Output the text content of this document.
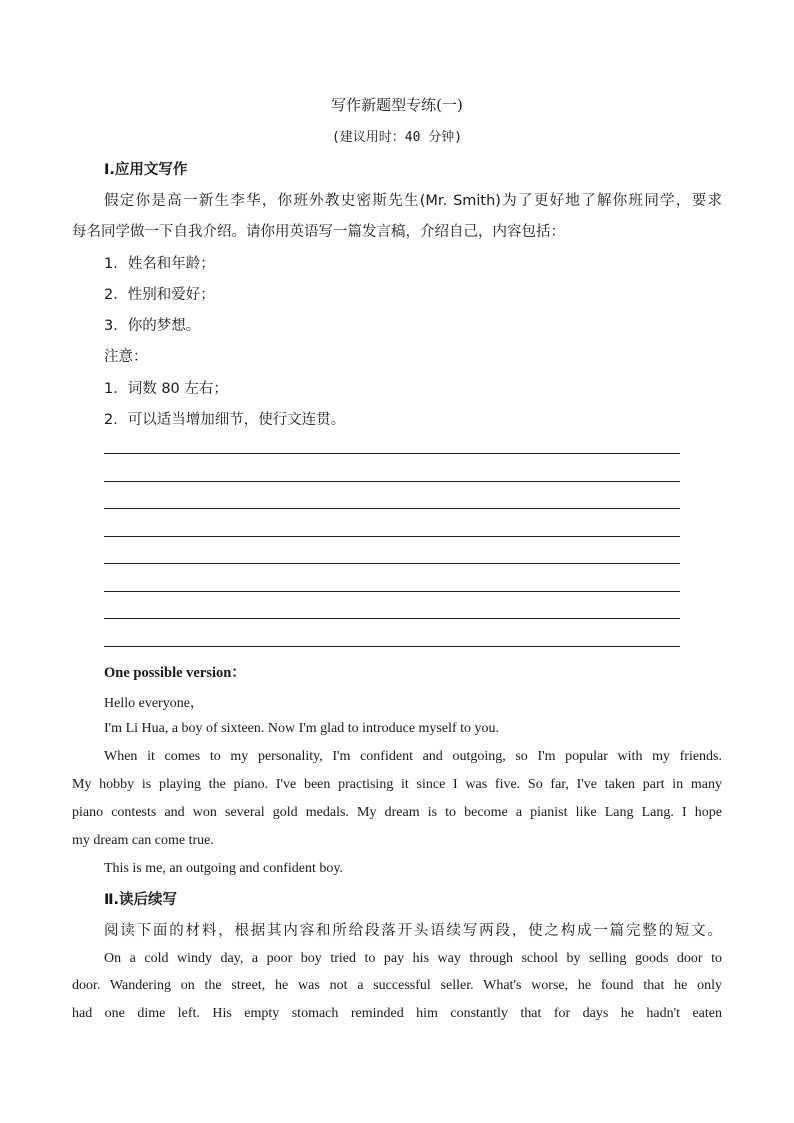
写作新题型专练(一)
(建议用时：40 分钟)
Ⅰ.应用文写作
假定你是高一新生李华，你班外教史密斯先生(Mr. Smith)为了更好地了解你班同学，要求
每名同学做一下自我介绍。请你用英语写一篇发言稿，介绍自己，内容包括：
1．姓名和年龄；
2．性别和爱好；
3．你的梦想。
注意：
1．词数 80 左右；
2．可以适当增加细节，使行文连贯。
One possible version：
Hello everyone，
I'm Li Hua, a boy of sixteen. Now I'm glad to introduce myself to you.
When it comes to my personality, I'm confident and outgoing, so I'm popular with my friends.
My hobby is playing the piano. I've been practising it since I was five. So far, I've taken part in many
piano contests and won several gold medals. My dream is to become a pianist like Lang Lang. I hope
my dream can come true.
This is me, an outgoing and confident boy.
Ⅱ.读后续写
阅读下面的材料，根据其内容和所给段落开头语续写两段，使之构成一篇完整的短文。
On a cold windy day, a poor boy tried to pay his way through school by selling goods door to
door. Wandering on the street, he was not a successful seller. What's worse, he found that he only
had one dime left. His empty stomach reminded him constantly that for days he hadn't eaten
